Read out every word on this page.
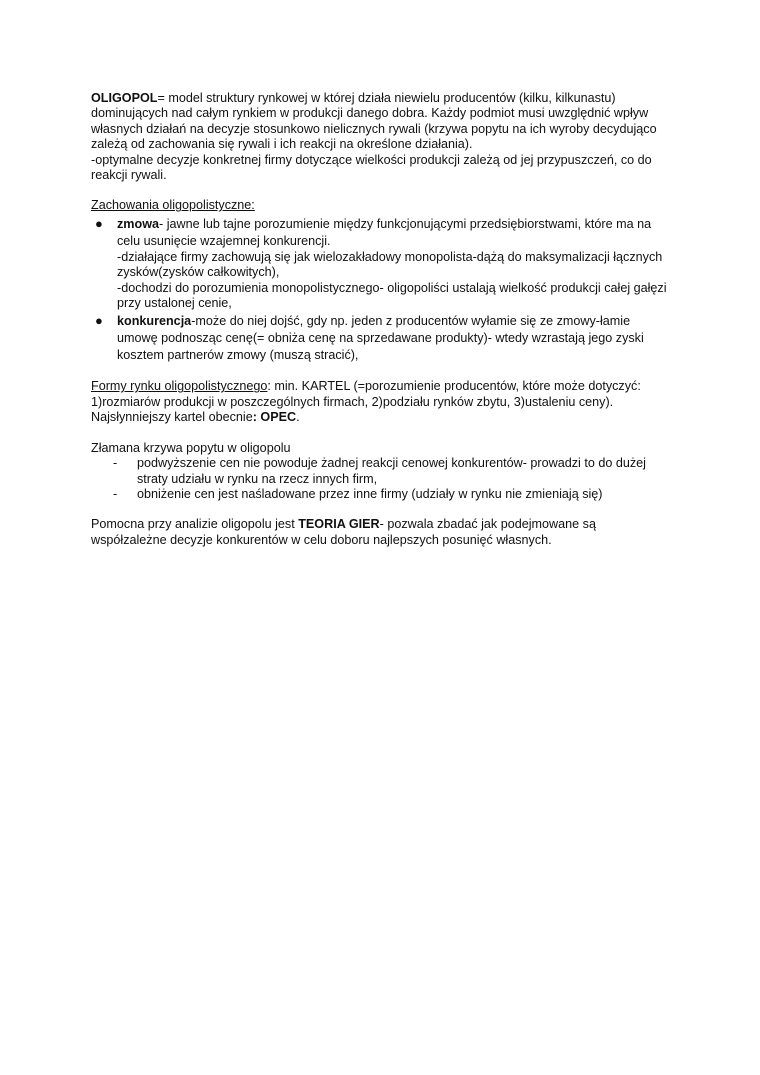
OLIGOPOL= model struktury rynkowej w której działa niewielu producentów (kilku, kilkunastu) dominujących nad całym rynkiem w produkcji danego dobra. Każdy podmiot musi uwzględnić wpływ własnych działań na decyzje stosunkowo nielicznych rywali (krzywa popytu na ich wyroby decydująco zależą od zachowania się rywali i ich reakcji na określone działania).

-optymalne decyzje konkretnej firmy dotyczące wielkości produkcji zależą od jej przypuszczeń, co do reakcji rywali.

Zachowania oligopolistyczne:

● zmowa- jawne lub tajne porozumienie między funkcjonującymi przedsiębiorstwami, które ma na celu usunięcie wzajemnej konkurencji.

-działające firmy zachowują się jak wielozakładowy monopolista-dążą do maksymalizacji łącznych zysków(zysków całkowitych),

-dochodzi do porozumienia monopolistycznego- oligopoliści ustalają wielkość produkcji całej gałęzi przy ustalonej cenie,

● konkurencja-może do niej dojść, gdy np. jeden z producentów wyłamie się ze zmowy-łamie umowę podnosząc cenę(= obniża cenę na sprzedawane produkty)- wtedy wzrastają jego zyski kosztem partnerów zmowy (muszą stracić),

Formy rynku oligopolistycznego: min. KARTEL (=porozumienie producentów, które może dotyczyć: 1)rozmiarów produkcji w poszczególnych firmach, 2)podziału rynków zbytu, 3)ustaleniu ceny).

Najsłynniejszy kartel obecnie: OPEC.

Złamana krzywa popytu w oligopolu

- podwyższenie cen nie powoduje żadnej reakcji cenowej konkurentów- prowadzi to do dużej straty udziału w rynku na rzecz innych firm,
- obniżenie cen jest naśladowane przez inne firmy (udziały w rynku nie zmieniają się)

Pomocna przy analizie oligopolu jest TEORIA GIER- pozwala zbadać jak podejmowane są współzależne decyzje konkurentów w celu doboru najlepszych posunięć własnych.
